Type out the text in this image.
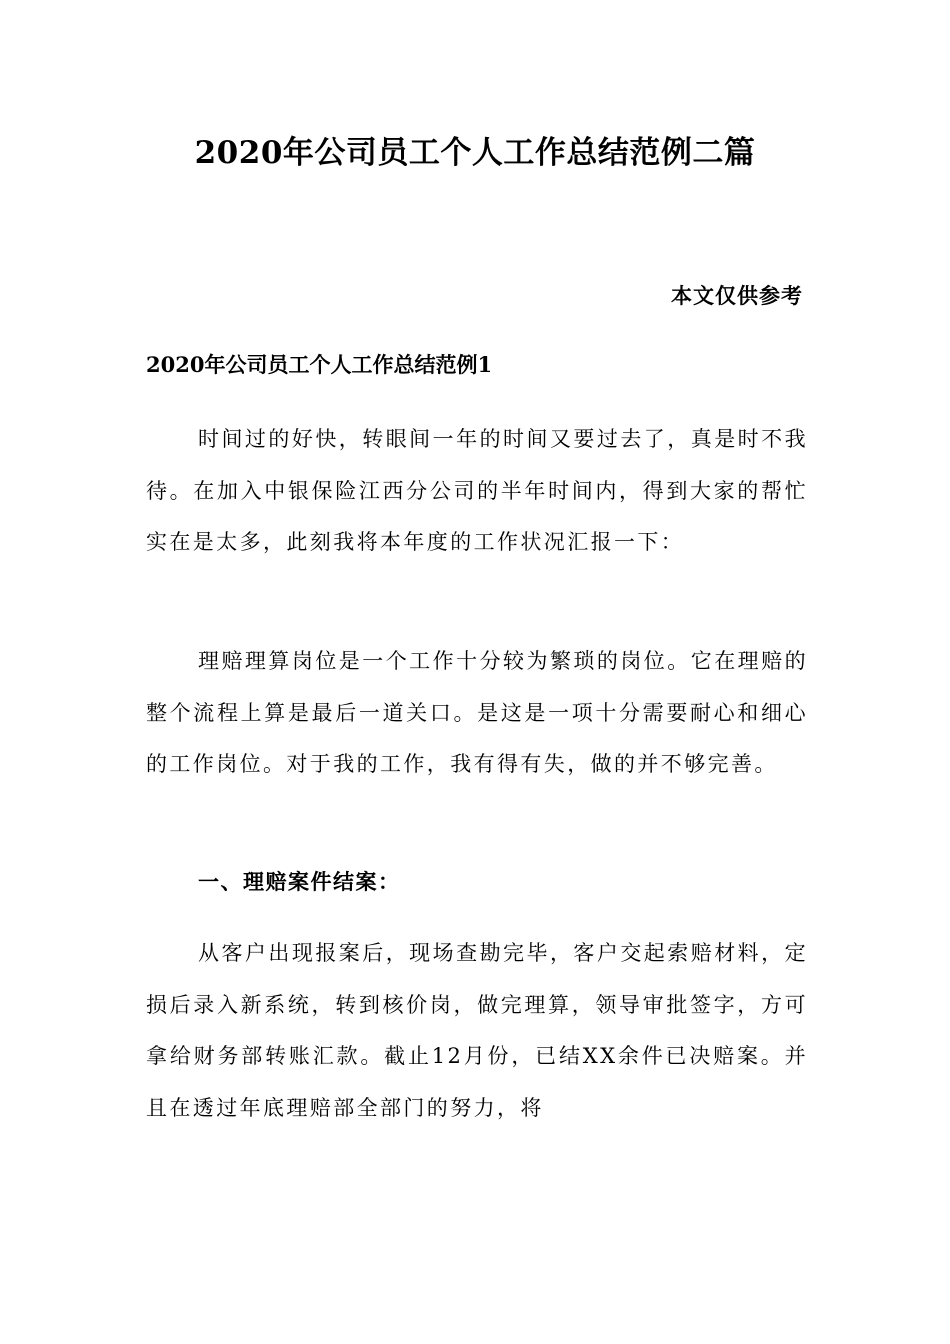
2020年公司员工个人工作总结范例二篇
本文仅供参考
2020年公司员工个人工作总结范例1

时间过的好快，转眼间一年的时间又要过去了，真是时不我待。在加入中银保险江西分公司的半年时间内，得到大家的帮忙实在是太多，此刻我将本年度的工作状况汇报一下：

理赔理算岗位是一个工作十分较为繁琐的岗位。它在理赔的整个流程上算是最后一道关口。是这是一项十分需要耐心和细心的工作岗位。对于我的工作，我有得有失，做的并不够完善。

一、理赔案件结案：

从客户出现报案后，现场查勘完毕，客户交起索赔材料，定损后录入新系统，转到核价岗，做完理算，领导审批签字，方可拿给财务部转账汇款。截止12月份，已结XX余件已决赔案。并且在透过年底理赔部全部门的努力，将
